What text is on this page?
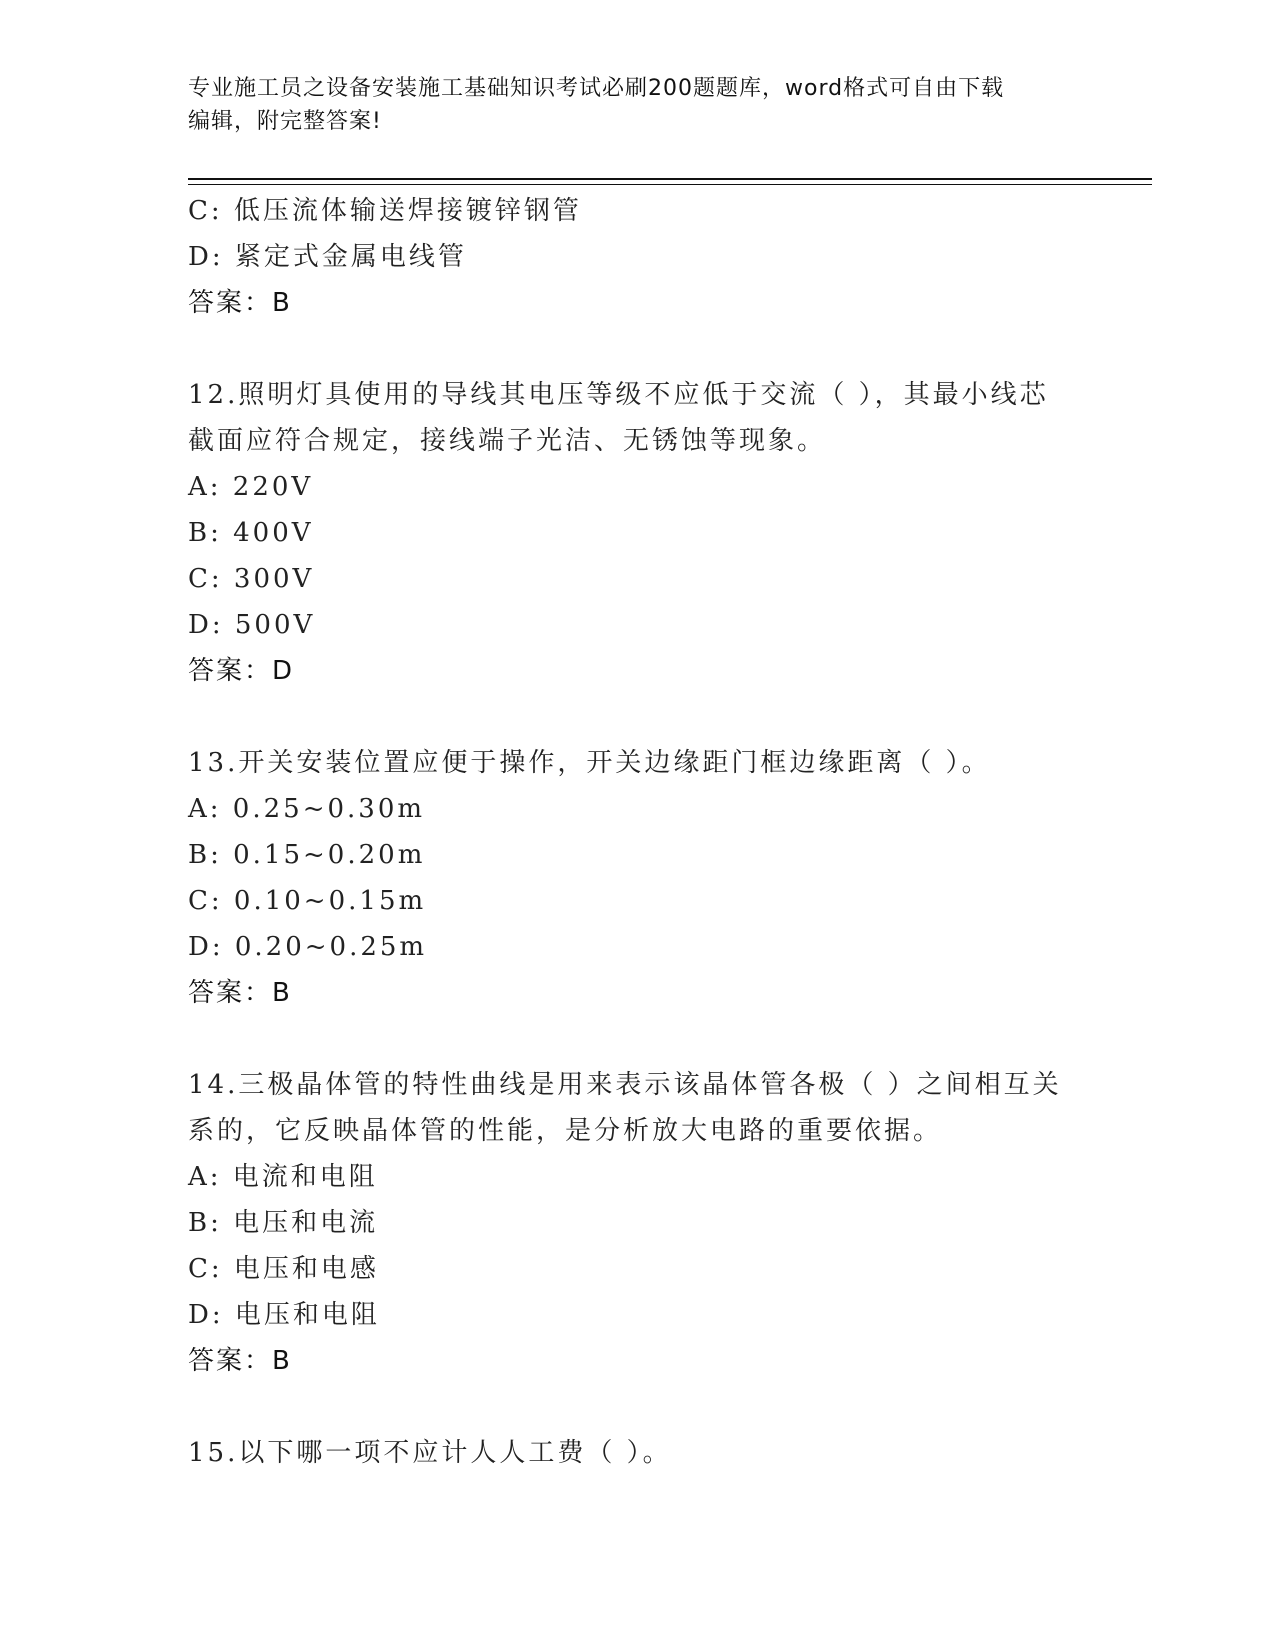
专业施工员之设备安装施工基础知识考试必刷200题题库，word格式可自由下载
编辑，附完整答案!
C: 低压流体输送焊接镀锌钢管
D: 紧定式金属电线管
答案：B
12.照明灯具使用的导线其电压等级不应低于交流（ ），其最小线芯
截面应符合规定，接线端子光洁、无锈蚀等现象。
A: 220V
B: 400V
C: 300V
D: 500V
答案：D
13.开关安装位置应便于操作，开关边缘距门框边缘距离（ ）。
A: 0.25~0.30m
B: 0.15~0.20m
C: 0.10~0.15m
D: 0.20~0.25m
答案：B
14.三极晶体管的特性曲线是用来表示该晶体管各极（ ）之间相互关
系的，它反映晶体管的性能，是分析放大电路的重要依据。
A: 电流和电阻
B: 电压和电流
C: 电压和电感
D: 电压和电阻
答案：B
15.以下哪一项不应计人人工费（ ）。
